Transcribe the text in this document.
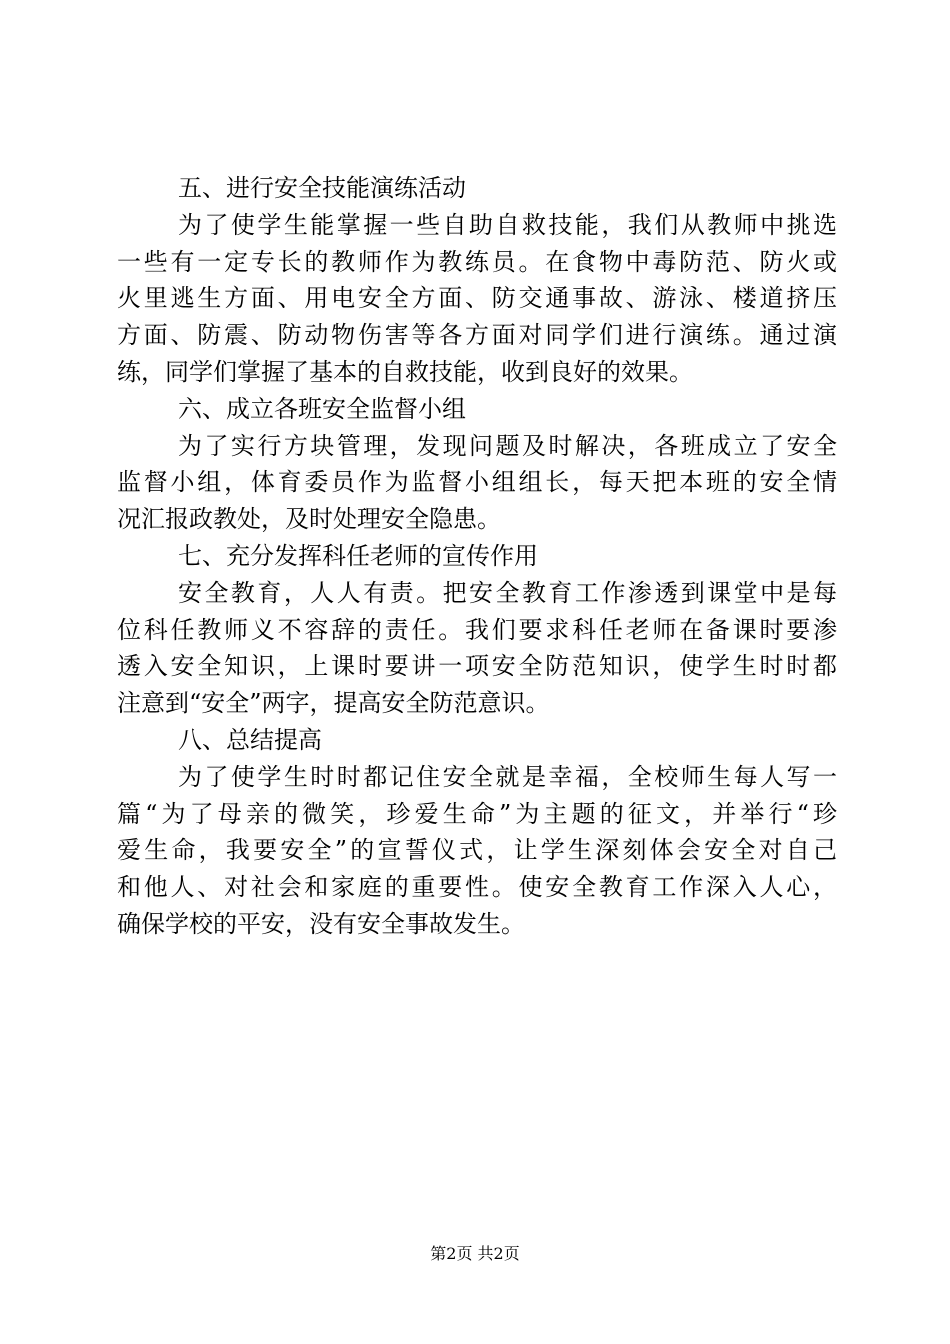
五、进行安全技能演练活动
为了使学生能掌握一些自助自救技能，我们从教师中挑选
一些有一定专长的教师作为教练员。在食物中毒防范、防火或
火里逃生方面、用电安全方面、防交通事故、游泳、楼道挤压
方面、防震、防动物伤害等各方面对同学们进行演练。通过演
练，同学们掌握了基本的自救技能，收到良好的效果。
六、成立各班安全监督小组
为了实行方块管理，发现问题及时解决，各班成立了安全
监督小组，体育委员作为监督小组组长，每天把本班的安全情
况汇报政教处，及时处理安全隐患。
七、充分发挥科任老师的宣传作用
安全教育，人人有责。把安全教育工作渗透到课堂中是每
位科任教师义不容辞的责任。我们要求科任老师在备课时要渗
透入安全知识，上课时要讲一项安全防范知识，使学生时时都
注意到“安全”两字，提高安全防范意识。
八、总结提高
为了使学生时时都记住安全就是幸福，全校师生每人写一
篇“为了母亲的微笑，珍爱生命”为主题的征文，并举行“珍
爱生命，我要安全”的宣誓仪式，让学生深刻体会安全对自己
和他人、对社会和家庭的重要性。使安全教育工作深入人心，
确保学校的平安，没有安全事故发生。
第2页 共2页
